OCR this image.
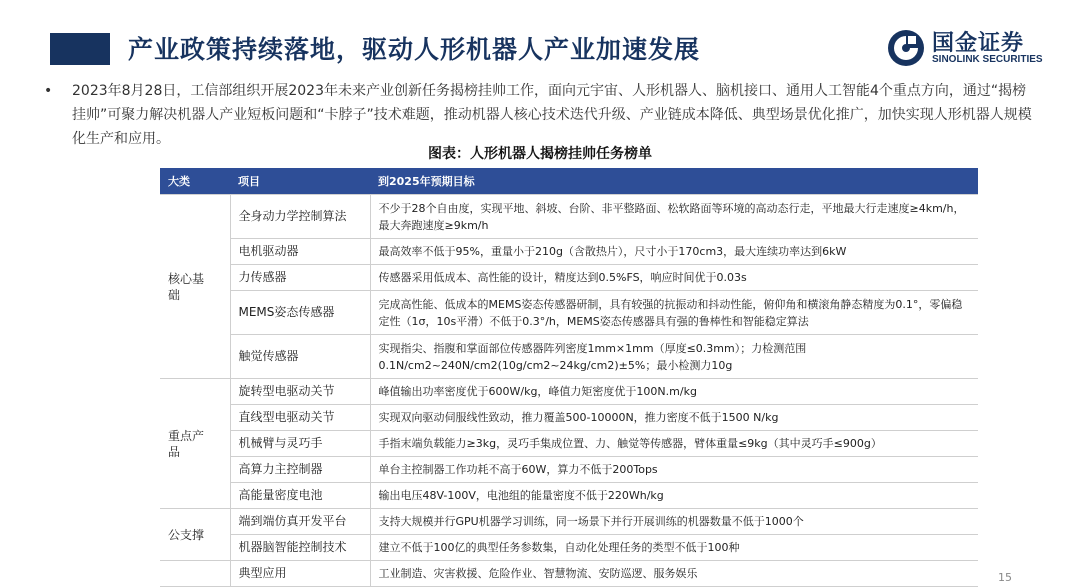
产业政策持续落地，驱动人形机器人产业加速发展	国金证券
SINOLINK SECURITIES
•	2023年8月28日，工信部组织开展2023年未来产业创新任务揭榜挂帅工作，面向元宇宙、人形机器人、脑机接口、通用人工智能4个重点方向，通过“揭榜挂帅”可聚力解决机器人产业短板问题和“卡脖子”技术难题，推动机器人核心技术迭代升级、产业链成本降低、典型场景优化推广，加快实现人形机器人规模化生产和应用。
图表：人形机器人揭榜挂帅任务榜单
大类	项目	到2025年预期目标

核心基础	全身动力学控制算法	不少于28个自由度，实现平地、斜坡、台阶、非平整路面、松软路面等环境的高动态行走，平地最大行走速度≥4km/h，最大奔跑速度≥9km/h
	电机驱动器	最高效率不低于95%，重量小于210g（含散热片），尺寸小于170cm3，最大连续功率达到6kW
	力传感器	传感器采用低成本、高性能的设计，精度达到0.5%FS，响应时间优于0.03s
	MEMS姿态传感器	完成高性能、低成本的MEMS姿态传感器研制，具有较强的抗振动和抖动性能，俯仰角和横滚角静态精度为0.1°，零偏稳定性（1σ，10s平滑）不低于0.3°/h，MEMS姿态传感器具有强的鲁棒性和智能稳定算法
	触觉传感器	实现指尖、指腹和掌面部位传感器阵列密度1mm×1mm（厚度≤0.3mm）；力检测范围0.1N/cm2~240N/cm2(10g/cm2~24kg/cm2)±5%；最小检测力10g

重点产品	旋转型电驱动关节	峰值输出功率密度优于600W/kg，峰值力矩密度优于100N.m/kg
	直线型电驱动关节	实现双向驱动伺服线性致动，推力覆盖500-10000N，推力密度不低于1500 N/kg
	机械臂与灵巧手	手指末端负载能力≥3kg，灵巧手集成位置、力、触觉等传感器，臂体重量≤9kg（其中灵巧手≤900g）
	高算力主控制器	单台主控制器工作功耗不高于60W，算力不低于200Tops
	高能量密度电池	输出电压48V-100V，电池组的能量密度不低于220Wh/kg

公支撑	端到端仿真开发平台	支持大规模并行GPU机器学习训练，同一场景下并行开展训练的机器数量不低于1000个
	机器脑智能控制技术	建立不低于100亿的典型任务参数集，自动化处理任务的类型不低于100种
	典型应用	工业制造、灾害救援、危险作业、智慧物流、安防巡逻、服务娱乐	15
